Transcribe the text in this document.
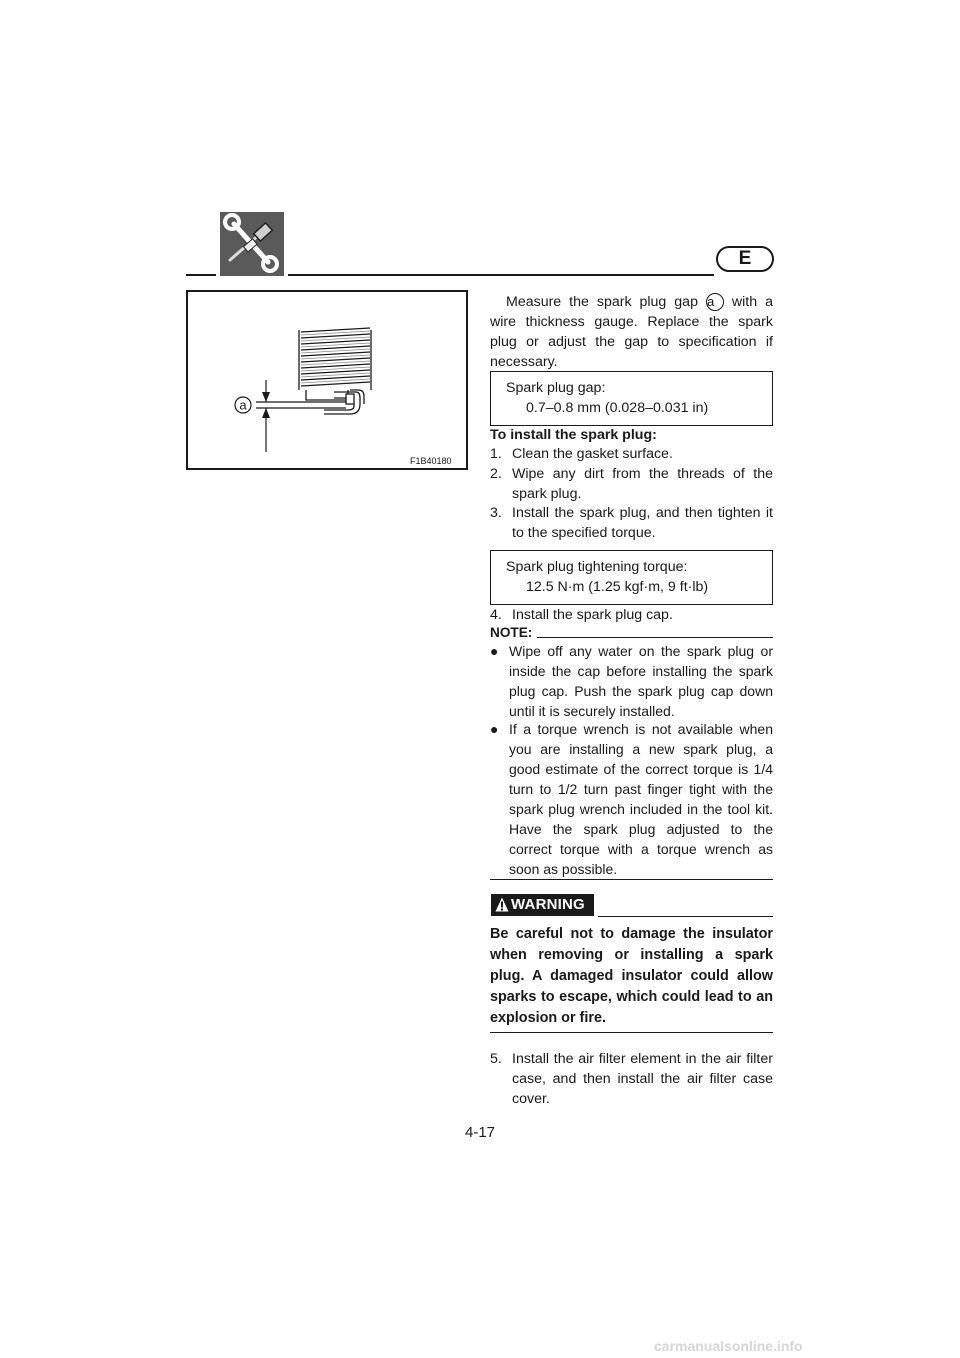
E
a
F1B40180

Measure the spark plug gap a with a wire thickness gauge. Replace the spark plug or adjust the gap to specification if necessary.

Spark plug gap:
0.7–0.8 mm (0.028–0.031 in)
To install the spark plug:
1. Clean the gasket surface.
2. Wipe any dirt from the threads of the spark plug.
3. Install the spark plug, and then tighten it to the specified torque.
Spark plug tightening torque:
12.5 N·m (1.25 kgf·m, 9 ft·lb)
4. Install the spark plug cap.
NOTE:
● Wipe off any water on the spark plug or inside the cap before installing the spark plug cap. Push the spark plug cap down until it is securely installed.
● If a torque wrench is not available when you are installing a new spark plug, a good estimate of the correct torque is 1/4 turn to 1/2 turn past finger tight with the spark plug wrench included in the tool kit. Have the spark plug adjusted to the correct torque with a torque wrench as soon as possible.
WARNING
Be careful not to damage the insulator when removing or installing a spark plug. A damaged insulator could allow sparks to escape, which could lead to an explosion or fire.
5. Install the air filter element in the air filter case, and then install the air filter case cover.
4-17
carmanualsonline.info
